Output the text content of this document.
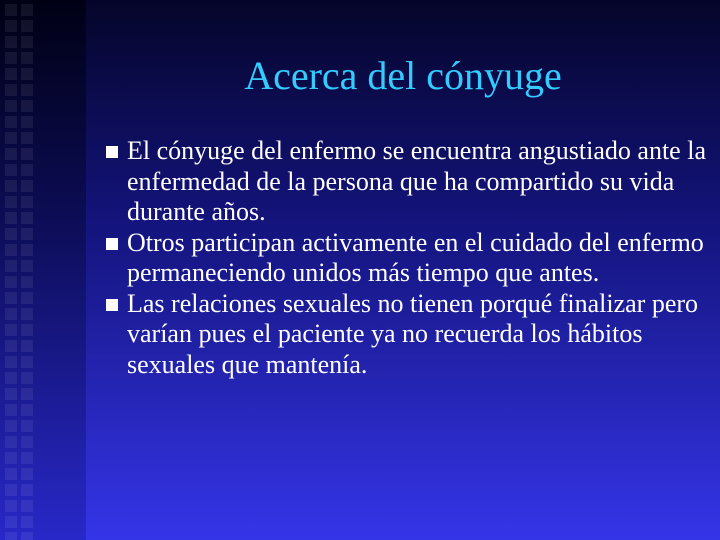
Acerca del cónyuge
El cónyuge del enfermo se encuentra angustiado ante la enfermedad de la persona que ha compartido su vida durante años.
Otros participan activamente en el cuidado del enfermo permaneciendo unidos más tiempo que antes.
Las relaciones sexuales no tienen porqué finalizar pero varían pues el paciente ya no recuerda los hábitos sexuales que mantenía.
